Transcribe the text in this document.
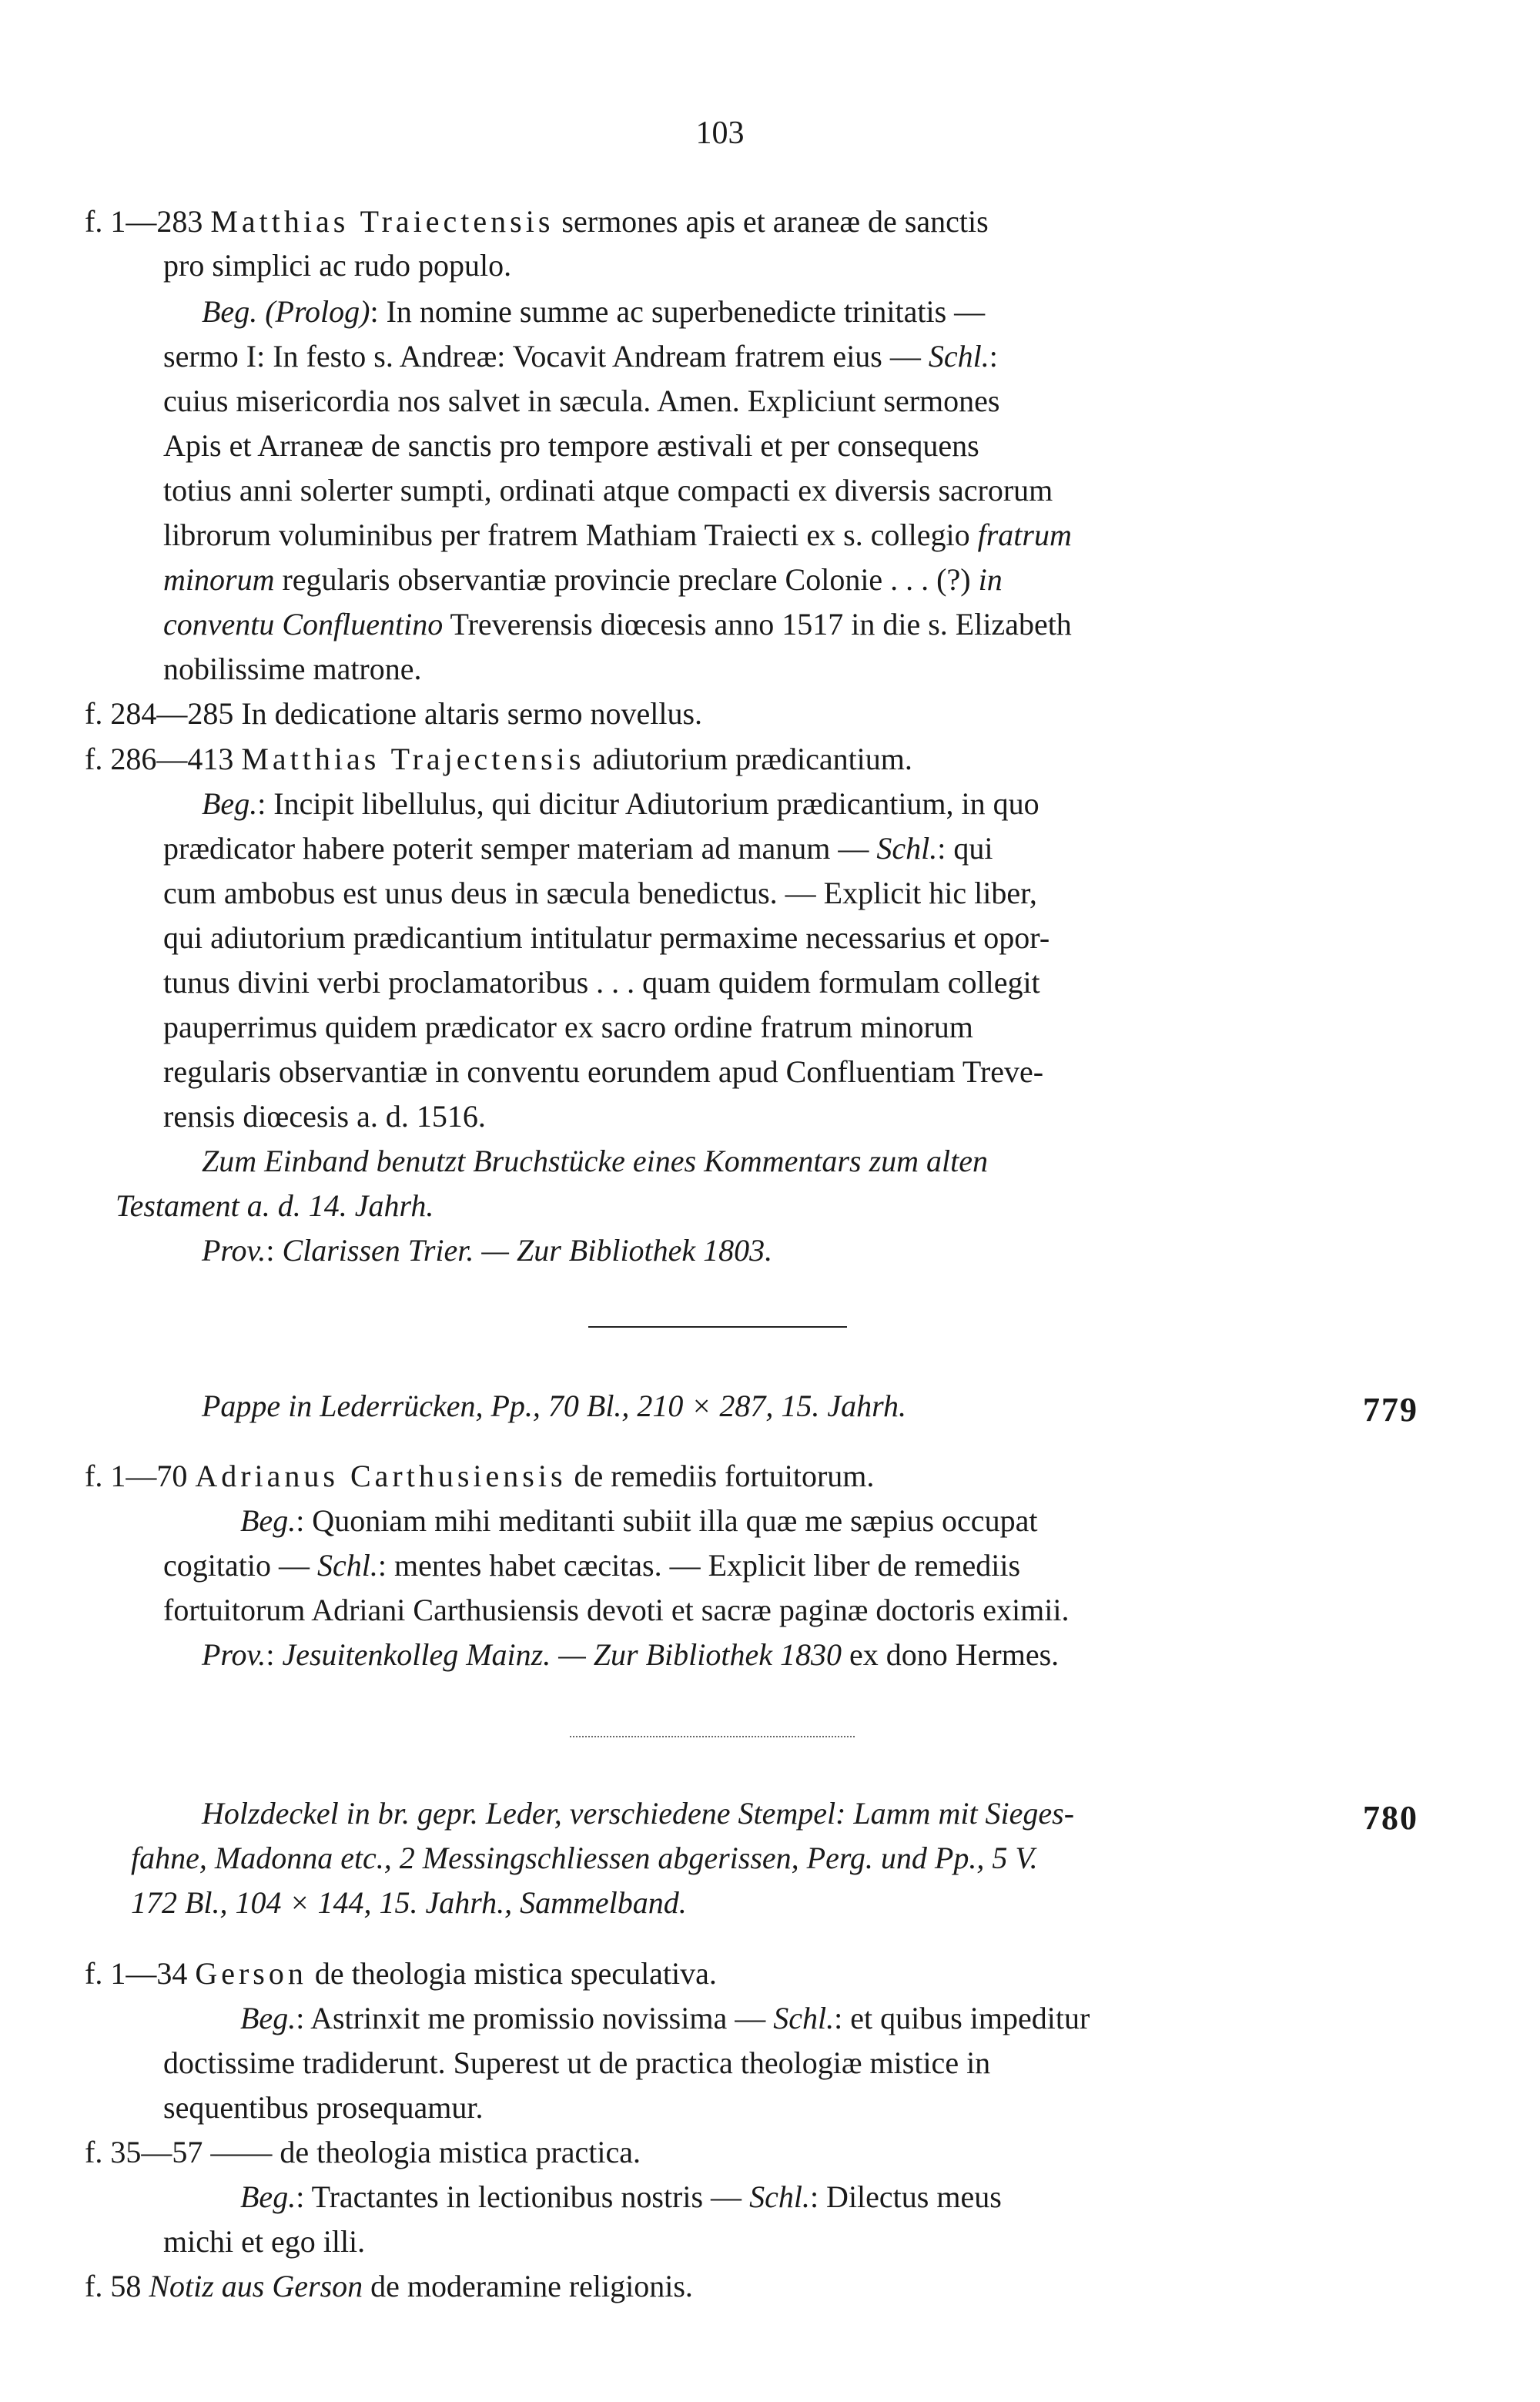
103
f. 1—283 Matthias Traiectensis sermones apis et araneæ de sanctis
pro simplici ac rudo populo.
Beg. (Prolog): In nomine summe ac superbenedicte trinitatis —
sermo I: In festo s. Andreæ: Vocavit Andream fratrem eius — Schl.:
cuius misericordia nos salvet in sæcula. Amen. Expliciunt sermones
Apis et Arraneæ de sanctis pro tempore æstivali et per consequens
totius anni solerter sumpti, ordinati atque compacti ex diversis sacrorum
librorum voluminibus per fratrem Mathiam Traiecti ex s. collegio fratrum
minorum regularis observantiæ provincie preclare Colonie . . . (?) in
conventu Confluentino Treverensis diœcesis anno 1517 in die s. Elizabeth
nobilissime matrone.
f. 284—285 In dedicatione altaris sermo novellus.
f. 286—413 Matthias Trajectensis adiutorium prædicantium.
Beg.: Incipit libellulus, qui dicitur Adiutorium prædicantium, in quo
prædicator habere poterit semper materiam ad manum — Schl.: qui
cum ambobus est unus deus in sæcula benedictus. — Explicit hic liber,
qui adiutorium prædicantium intitulatur permaxime necessarius et opor-
tunus divini verbi proclamatoribus . . . quam quidem formulam collegit
pauperrimus quidem prædicator ex sacro ordine fratrum minorum
regularis observantiæ in conventu eorundem apud Confluentiam Treve-
rensis diœcesis a. d. 1516.
Zum Einband benutzt Bruchstücke eines Kommentars zum alten
Testament a. d. 14. Jahrh.
Prov.: Clarissen Trier. — Zur Bibliothek 1803.
Pappe in Lederrücken, Pp., 70 Bl., 210 × 287, 15. Jahrh.	779
f. 1—70 Adrianus Carthusiensis de remediis fortuitorum.
Beg.: Quoniam mihi meditanti subiit illa quæ me sæpius occupat
cogitatio — Schl.: mentes habet cæcitas. — Explicit liber de remediis
fortuitorum Adriani Carthusiensis devoti et sacræ paginæ doctoris eximii.
Prov.: Jesuitenkolleg Mainz. — Zur Bibliothek 1830 ex dono Hermes.
Holzdeckel in br. gepr. Leder, verschiedene Stempel: Lamm mit Sieges-	780
fahne, Madonna etc., 2 Messingschliessen abgerissen, Perg. und Pp., 5 V.
172 Bl., 104 × 144, 15. Jahrh., Sammelband.
f. 1—34 Gerson de theologia mistica speculativa.
Beg.: Astrinxit me promissio novissima — Schl.: et quibus impeditur
doctissime tradiderunt. Superest ut de practica theologiæ mistice in
sequentibus prosequamur.
f. 35—57 —— de theologia mistica practica.
Beg.: Tractantes in lectionibus nostris — Schl.: Dilectus meus
michi et ego illi.
f. 58 Notiz aus Gerson de moderamine religionis.
